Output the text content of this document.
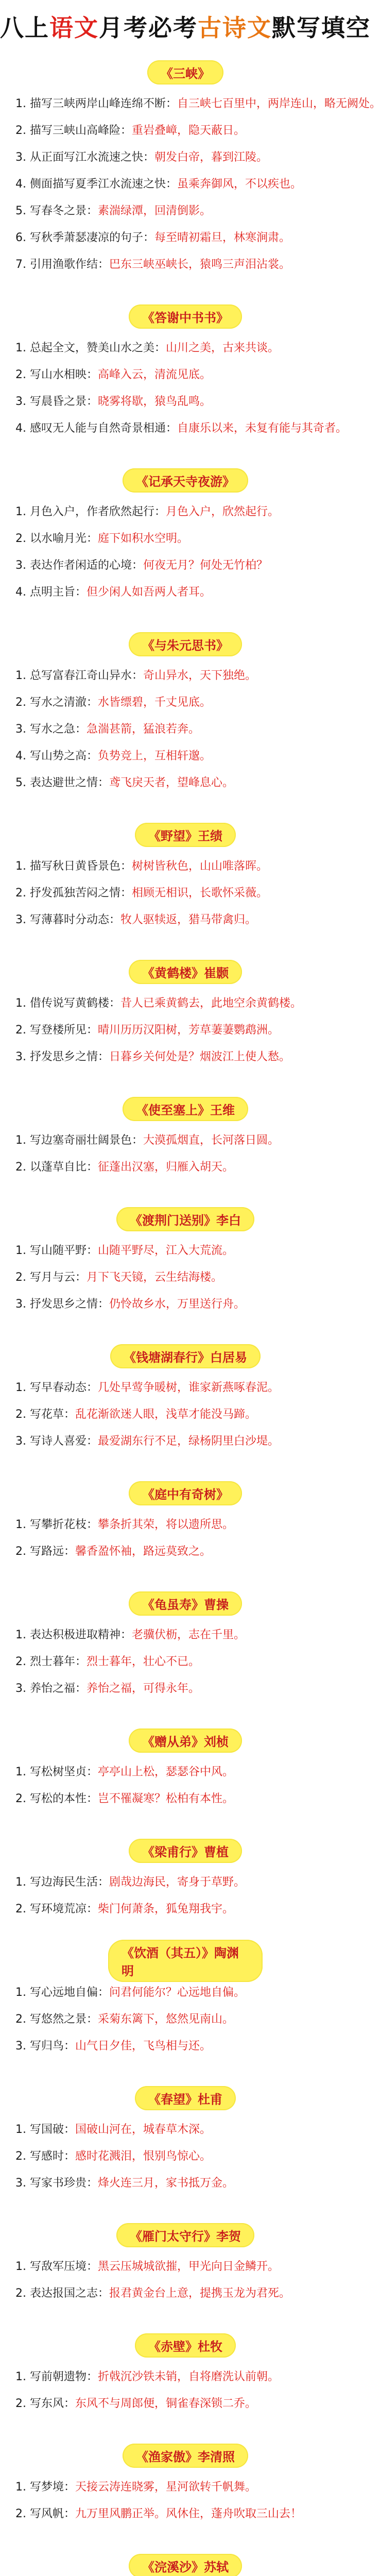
八上语文月考必考古诗文默写填空
《三峡》
1. 描写三峡两岸山峰连绵不断：自三峡七百里中，两岸连山，略无阙处。
2. 描写三峡山高峰险：重岩叠嶂，隐天蔽日。
3. 从正面写江水流速之快：朝发白帝，暮到江陵。
4. 侧面描写夏季江水流速之快：虽乘奔御风，不以疾也。
5. 写春冬之景：素湍绿潭，回清倒影。
6. 写秋季萧瑟凄凉的句子：每至晴初霜旦，林寒涧肃。
7. 引用渔歌作结：巴东三峡巫峡长，猿鸣三声泪沾裳。
《答谢中书书》
1. 总起全文，赞美山水之美：山川之美，古来共谈。
2. 写山水相映：高峰入云，清流见底。
3. 写晨昏之景：晓雾将歇，猿鸟乱鸣。
4. 感叹无人能与自然奇景相通：自康乐以来，未复有能与其奇者。
《记承天寺夜游》
1. 月色入户，作者欣然起行：月色入户，欣然起行。
2. 以水喻月光：庭下如积水空明。
3. 表达作者闲适的心境：何夜无月？何处无竹柏？
4. 点明主旨：但少闲人如吾两人者耳。
《与朱元思书》
1. 总写富春江奇山异水：奇山异水，天下独绝。
2. 写水之清澈：水皆缥碧，千丈见底。
3. 写水之急：急湍甚箭，猛浪若奔。
4. 写山势之高：负势竞上，互相轩邈。
5. 表达避世之情：鸢飞戾天者，望峰息心。
《野望》王绩
1. 描写秋日黄昏景色：树树皆秋色，山山唯落晖。
2. 抒发孤独苦闷之情：相顾无相识，长歌怀采薇。
3. 写薄暮时分动态：牧人驱犊返，猎马带禽归。
《黄鹤楼》崔颢
1. 借传说写黄鹤楼：昔人已乘黄鹤去，此地空余黄鹤楼。
2. 写登楼所见：晴川历历汉阳树，芳草萋萋鹦鹉洲。
3. 抒发思乡之情：日暮乡关何处是？烟波江上使人愁。
《使至塞上》王维
1. 写边塞奇丽壮阔景色：大漠孤烟直，长河落日圆。
2. 以蓬草自比：征蓬出汉塞，归雁入胡天。
《渡荆门送别》李白
1. 写山随平野：山随平野尽，江入大荒流。
2. 写月与云：月下飞天镜，云生结海楼。
3. 抒发思乡之情：仍怜故乡水，万里送行舟。
《钱塘湖春行》白居易
1. 写早春动态：几处早莺争暖树，谁家新燕啄春泥。
2. 写花草：乱花渐欲迷人眼，浅草才能没马蹄。
3. 写诗人喜爱：最爱湖东行不足，绿杨阴里白沙堤。
《庭中有奇树》
1. 写攀折花枝：攀条折其荣，将以遗所思。
2. 写路远：馨香盈怀袖，路远莫致之。
《龟虽寿》曹操
1. 表达积极进取精神：老骥伏枥，志在千里。
2. 烈士暮年：烈士暮年，壮心不已。
3. 养怡之福：养怡之福，可得永年。
《赠从弟》刘桢
1. 写松树坚贞：亭亭山上松，瑟瑟谷中风。
2. 写松的本性：岂不罹凝寒？松柏有本性。
《梁甫行》曹植
1. 写边海民生活：剧哉边海民，寄身于草野。
2. 写环境荒凉：柴门何萧条，狐兔翔我宇。
《饮酒（其五）》陶渊明
1. 写心远地自偏：问君何能尔？心远地自偏。
2. 写悠然之景：采菊东篱下，悠然见南山。
3. 写归鸟：山气日夕佳，飞鸟相与还。
《春望》杜甫
1. 写国破：国破山河在，城春草木深。
2. 写感时：感时花溅泪，恨别鸟惊心。
3. 写家书珍贵：烽火连三月，家书抵万金。
《雁门太守行》李贺
1. 写敌军压境：黑云压城城欲摧，甲光向日金鳞开。
2. 表达报国之志：报君黄金台上意，提携玉龙为君死。
《赤壁》杜牧
1. 写前朝遗物：折戟沉沙铁未销，自将磨洗认前朝。
2. 写东风：东风不与周郎便，铜雀春深锁二乔。
《渔家傲》李清照
1. 写梦境：天接云涛连晓雾，星河欲转千帆舞。
2. 写风帆：九万里风鹏正举。风休住，蓬舟吹取三山去！
《浣溪沙》苏轼
